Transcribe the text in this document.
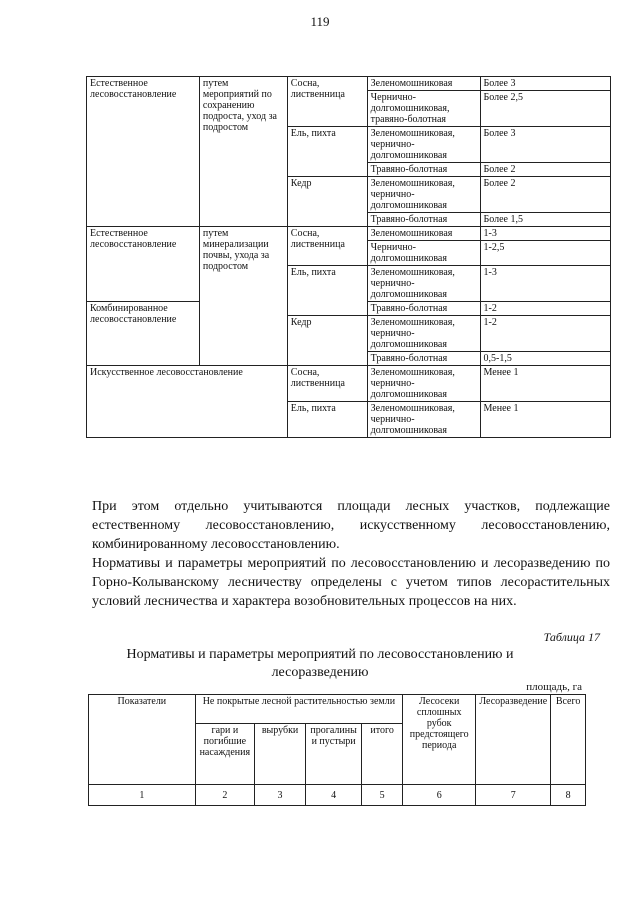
119
Естественное лесовосстановление	путем мероприятий по сохранению подроста, уход за подростом	Сосна, лиственница	Зеленомошниковая	Более 3
			Чернично-долгомошниковая, травяно-болотная	Более 2,5
		Ель, пихта	Зеленомошниковая, чернично-долгомошниковая	Более 3
			Травяно-болотная	Более 2
		Кедр	Зеленомошниковая, чернично-долгомошниковая	Более 2
			Травяно-болотная	Более 1,5
Естественное лесовосстановление	путем минерализации почвы, ухода за подростом	Сосна, лиственница	Зеленомошниковая	1-3
			Чернично-долгомошниковая	1-2,5
		Ель, пихта	Зеленомошниковая, чернично-долгомошниковая	1-3
Комбинированное лесовосстановление			Травяно-болотная	1-2
		Кедр	Зеленомошниковая, чернично-долгомошниковая	1-2
			Травяно-болотная	0,5-1,5
Искусственное лесовосстановление		Сосна, лиственница	Зеленомошниковая, чернично-долгомошниковая	Менее 1
		Ель, пихта	Зеленомошниковая, чернично-долгомошниковая	Менее 1

При этом отдельно учитываются площади лесных участков, подлежащие естественному лесовосстановлению, искусственному лесовосстановлению, комбинированному лесовосстановлению.

Нормативы и параметры мероприятий по лесовосстановлению и лесоразведению по Горно-Колыванскому лесничеству определены с учетом типов лесорастительных условий лесничества и характера возобновительных процессов на них.

Таблица 17
Нормативы и параметры мероприятий по лесовосстановлению и лесоразведению
площадь, га
Показатели	Не покрытые лесной растительностью земли				Лесосеки сплошных рубок предстоящего периода	Лесоразведение	Всего
	гари и погибшие насаждения	вырубки	прогалины и пустыри	итого			
1	2	3	4	5	6	7	8
